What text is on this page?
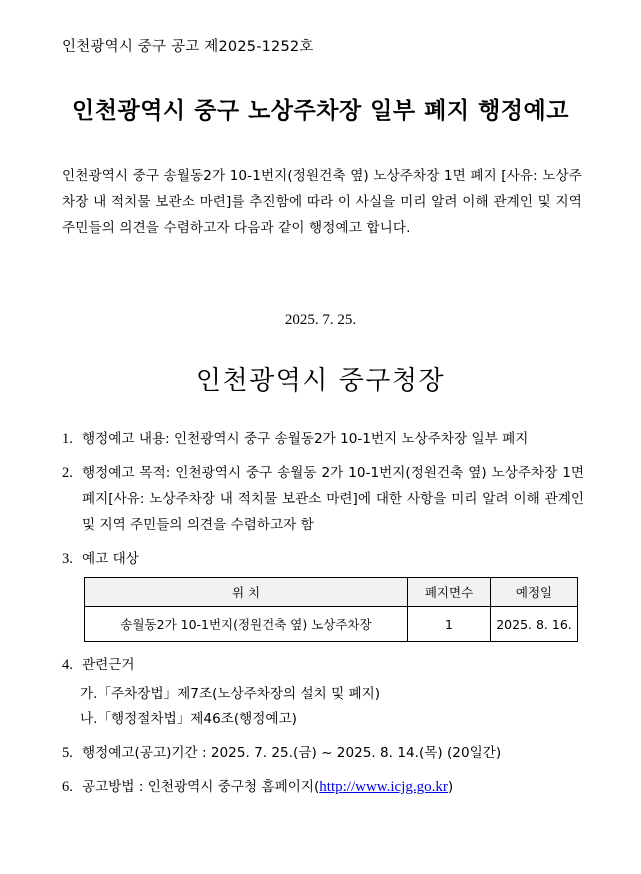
인천광역시 중구 공고 제2025-1252호
인천광역시 중구 노상주차장 일부 폐지 행정예고
인천광역시 중구 송월동2가 10-1번지(정원건축 옆) 노상주차장 1면 폐지 [사유: 노상주차장 내 적치물 보관소 마련]를 추진함에 따라 이 사실을 미리 알려 이해 관계인 및 지역 주민들의 의견을 수렴하고자 다음과 같이 행정예고 합니다.
2025. 7. 25.
인천광역시 중구청장
1. 행정예고 내용: 인천광역시 중구 송월동2가 10-1번지 노상주차장 일부 폐지
2. 행정예고 목적: 인천광역시 중구 송월동 2가 10-1번지(정원건축 옆) 노상주차장 1면 폐지[사유: 노상주차장 내 적치물 보관소 마련]에 대한 사항을 미리 알려 이해 관계인 및 지역 주민들의 의견을 수렴하고자 함
3. 예고 대상
위 치	폐지면수	예정일
송월동2가 10-1번지(정원건축 옆) 노상주차장	1	2025. 8. 16.
4. 관련근거
가.「주차장법」제7조(노상주차장의 설치 및 폐지)
나.「행정절차법」제46조(행정예고)
5. 행정예고(공고)기간 : 2025. 7. 25.(금) ~ 2025. 8. 14.(목) (20일간)
6. 공고방법 : 인천광역시 중구청 홈페이지(http://www.icjg.go.kr)
